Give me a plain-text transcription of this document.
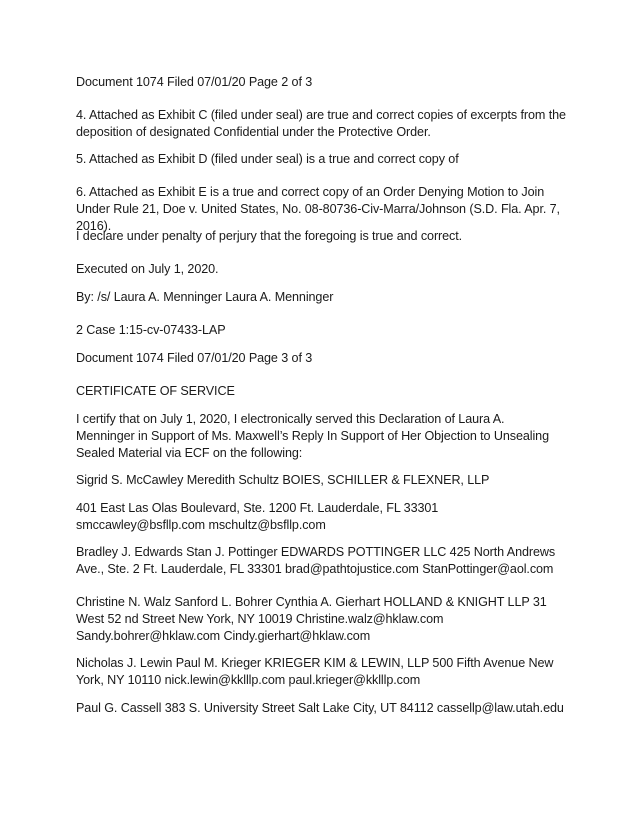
Document 1074 Filed 07/01/20 Page 2 of 3

4. Attached as Exhibit C (filed under seal) are true and correct copies of excerpts from the deposition of designated Confidential under the Protective Order.

5. Attached as Exhibit D (filed under seal) is a true and correct copy of

6. Attached as Exhibit E is a true and correct copy of an Order Denying Motion to Join Under Rule 21, Doe v. United States, No. 08-80736-Civ-Marra/Johnson (S.D. Fla. Apr. 7, 2016).

I declare under penalty of perjury that the foregoing is true and correct.

Executed on July 1, 2020.

By: /s/ Laura A. Menninger Laura A. Menninger

2 Case 1:15-cv-07433-LAP

Document 1074 Filed 07/01/20 Page 3 of 3

CERTIFICATE OF SERVICE

I certify that on July 1, 2020, I electronically served this Declaration of Laura A. Menninger in Support of Ms. Maxwell’s Reply In Support of Her Objection to Unsealing Sealed Material via ECF on the following:

Sigrid S. McCawley Meredith Schultz BOIES, SCHILLER & FLEXNER, LLP

401 East Las Olas Boulevard, Ste. 1200 Ft. Lauderdale, FL 33301 smccawley@bsfllp.com mschultz@bsfllp.com

Bradley J. Edwards Stan J. Pottinger EDWARDS POTTINGER LLC 425 North Andrews Ave., Ste. 2 Ft. Lauderdale, FL 33301 brad@pathtojustice.com StanPottinger@aol.com

Christine N. Walz Sanford L. Bohrer Cynthia A. Gierhart HOLLAND & KNIGHT LLP 31 West 52 nd Street New York, NY 10019 Christine.walz@hklaw.com Sandy.bohrer@hklaw.com Cindy.gierhart@hklaw.com

Nicholas J. Lewin Paul M. Krieger KRIEGER KIM & LEWIN, LLP 500 Fifth Avenue New York, NY 10110 nick.lewin@kklllp.com paul.krieger@kklllp.com

Paul G. Cassell 383 S. University Street Salt Lake City, UT 84112 cassellp@law.utah.edu
